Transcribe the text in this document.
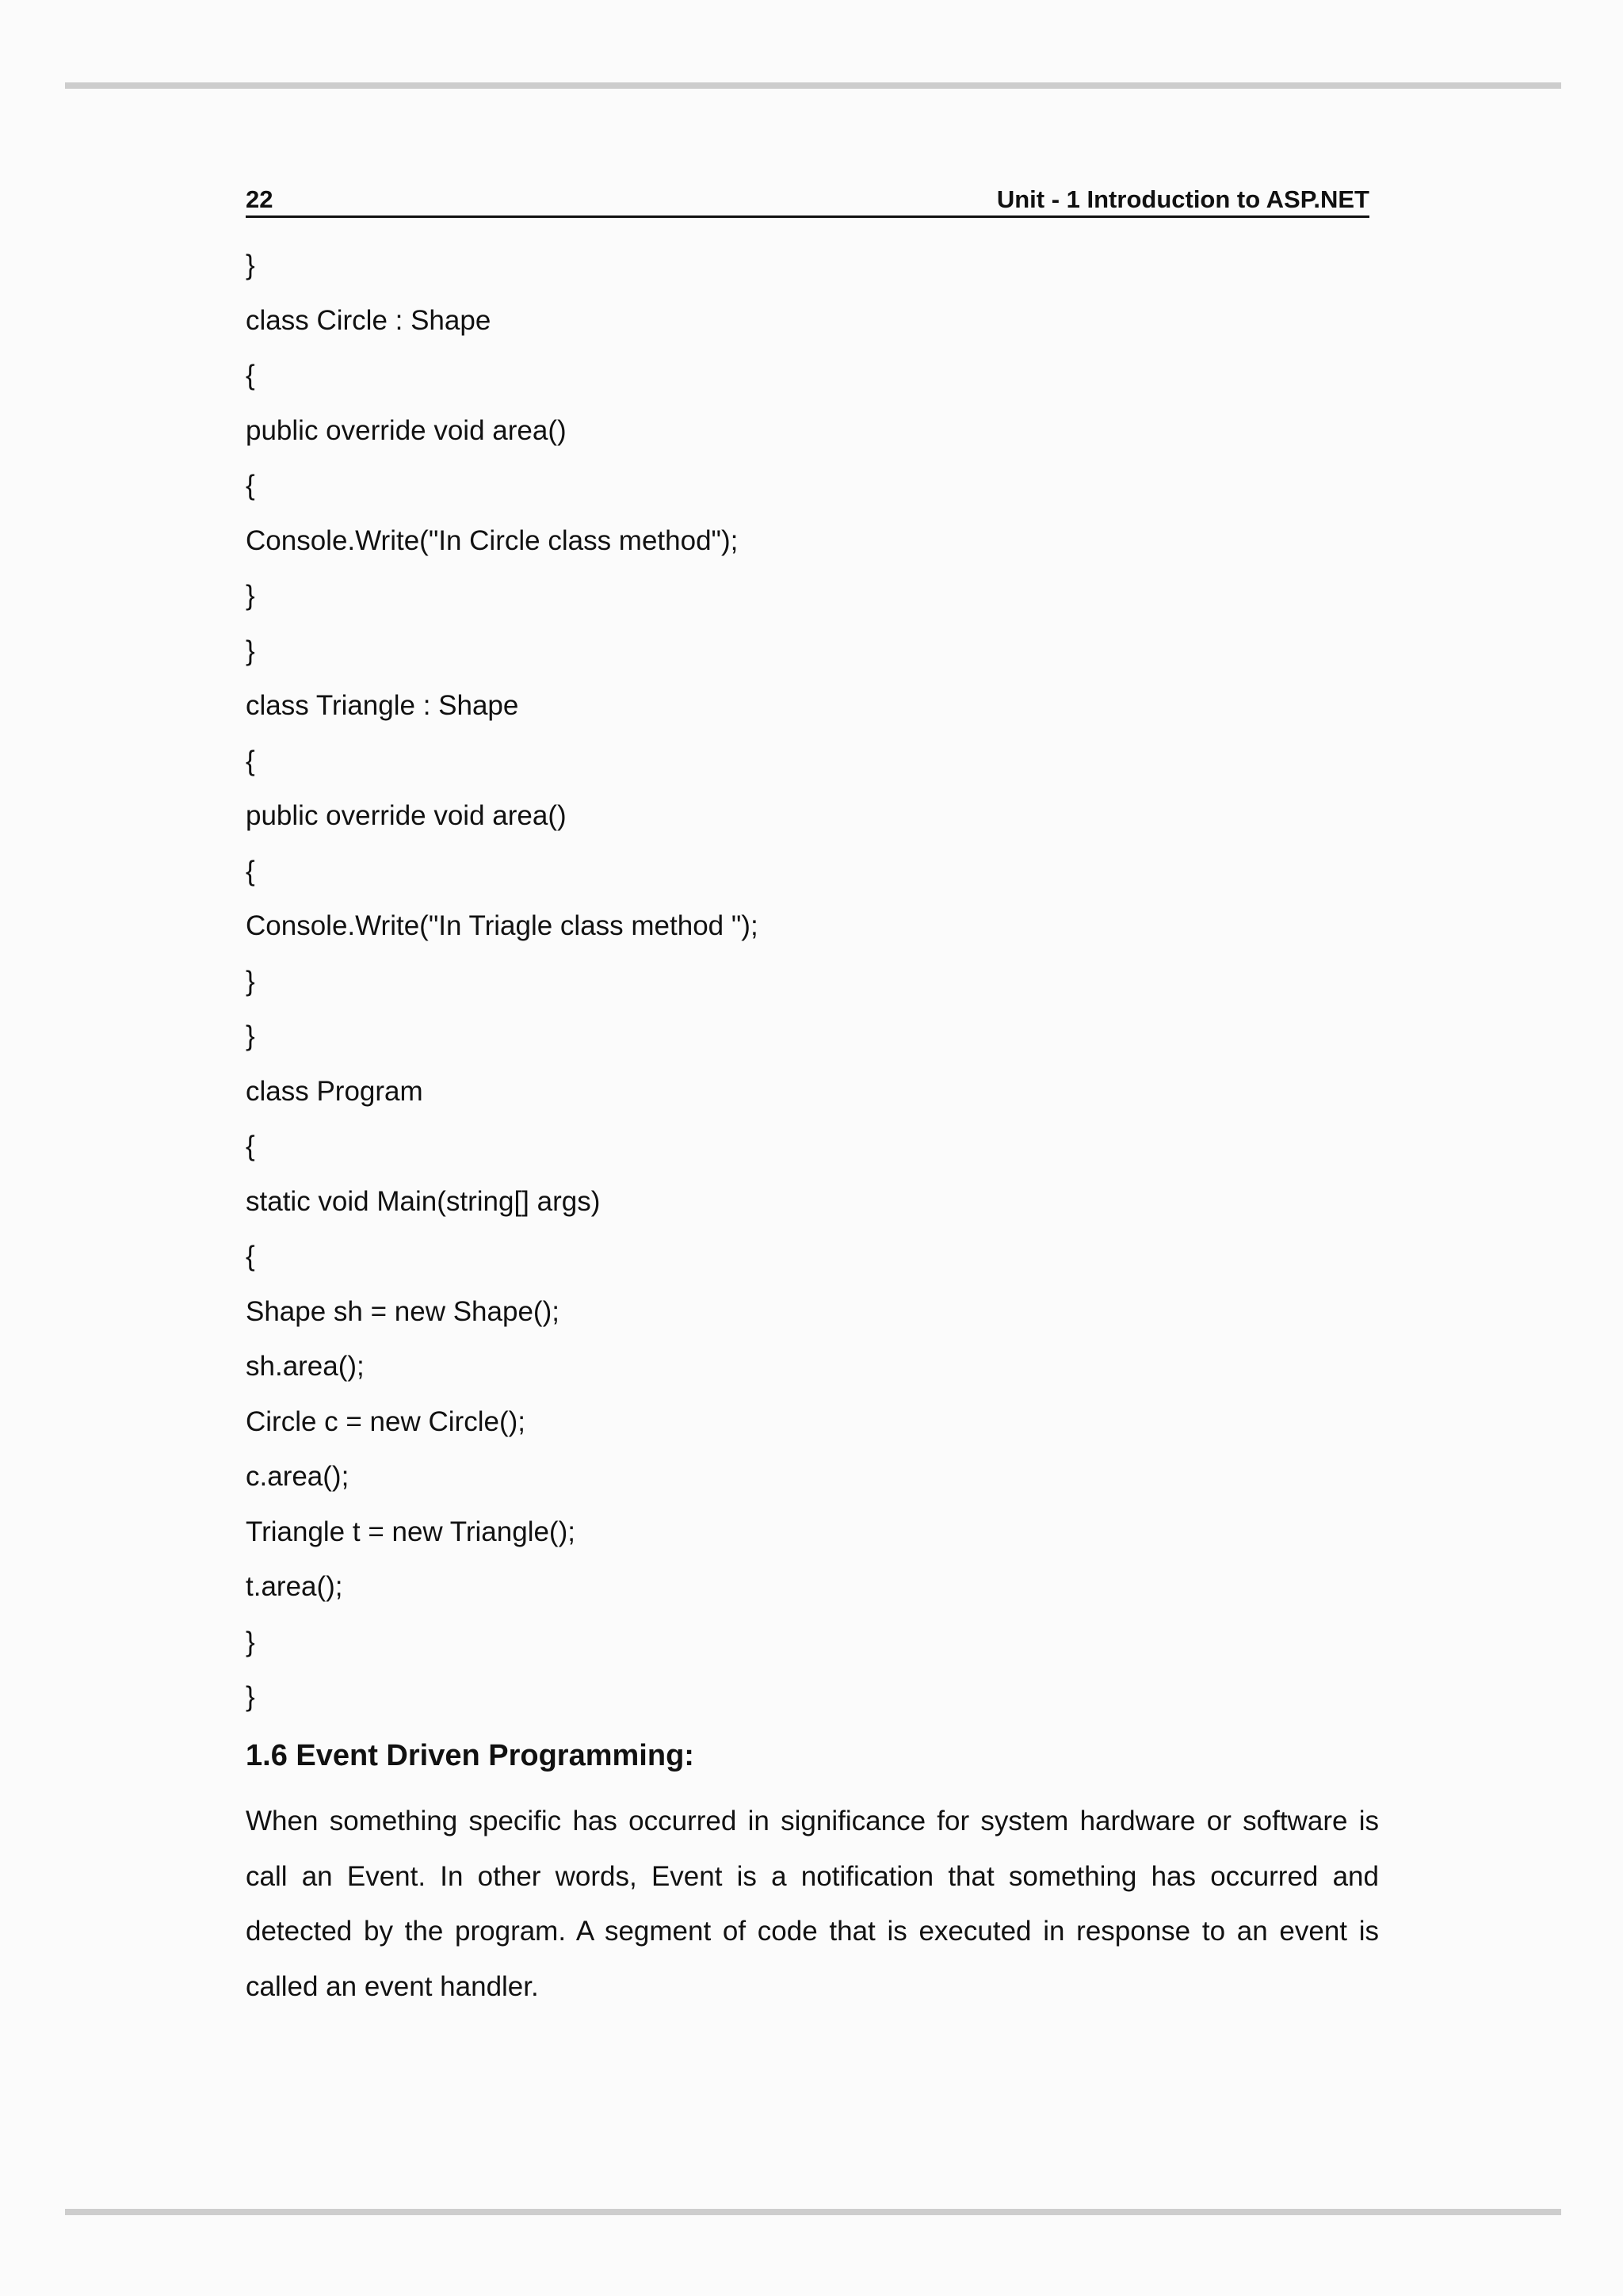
22	Unit - 1 Introduction to ASP.NET
}
class Circle : Shape
{
public override void area()
{
Console.Write("In Circle class method");
}
}
class Triangle : Shape
{
public override void area()
{
Console.Write("In Triagle class method ");
}
}
class Program
{
static void Main(string[] args)
{
Shape sh = new Shape();
sh.area();
Circle c = new Circle();
c.area();
Triangle t = new Triangle();
t.area();
}
}
1.6 Event Driven Programming:

When something specific has occurred in significance for system hardware or software is call an Event. In other words, Event is a notification that something has occurred and detected by the program. A segment of code that is executed in response to an event is called an event handler.
